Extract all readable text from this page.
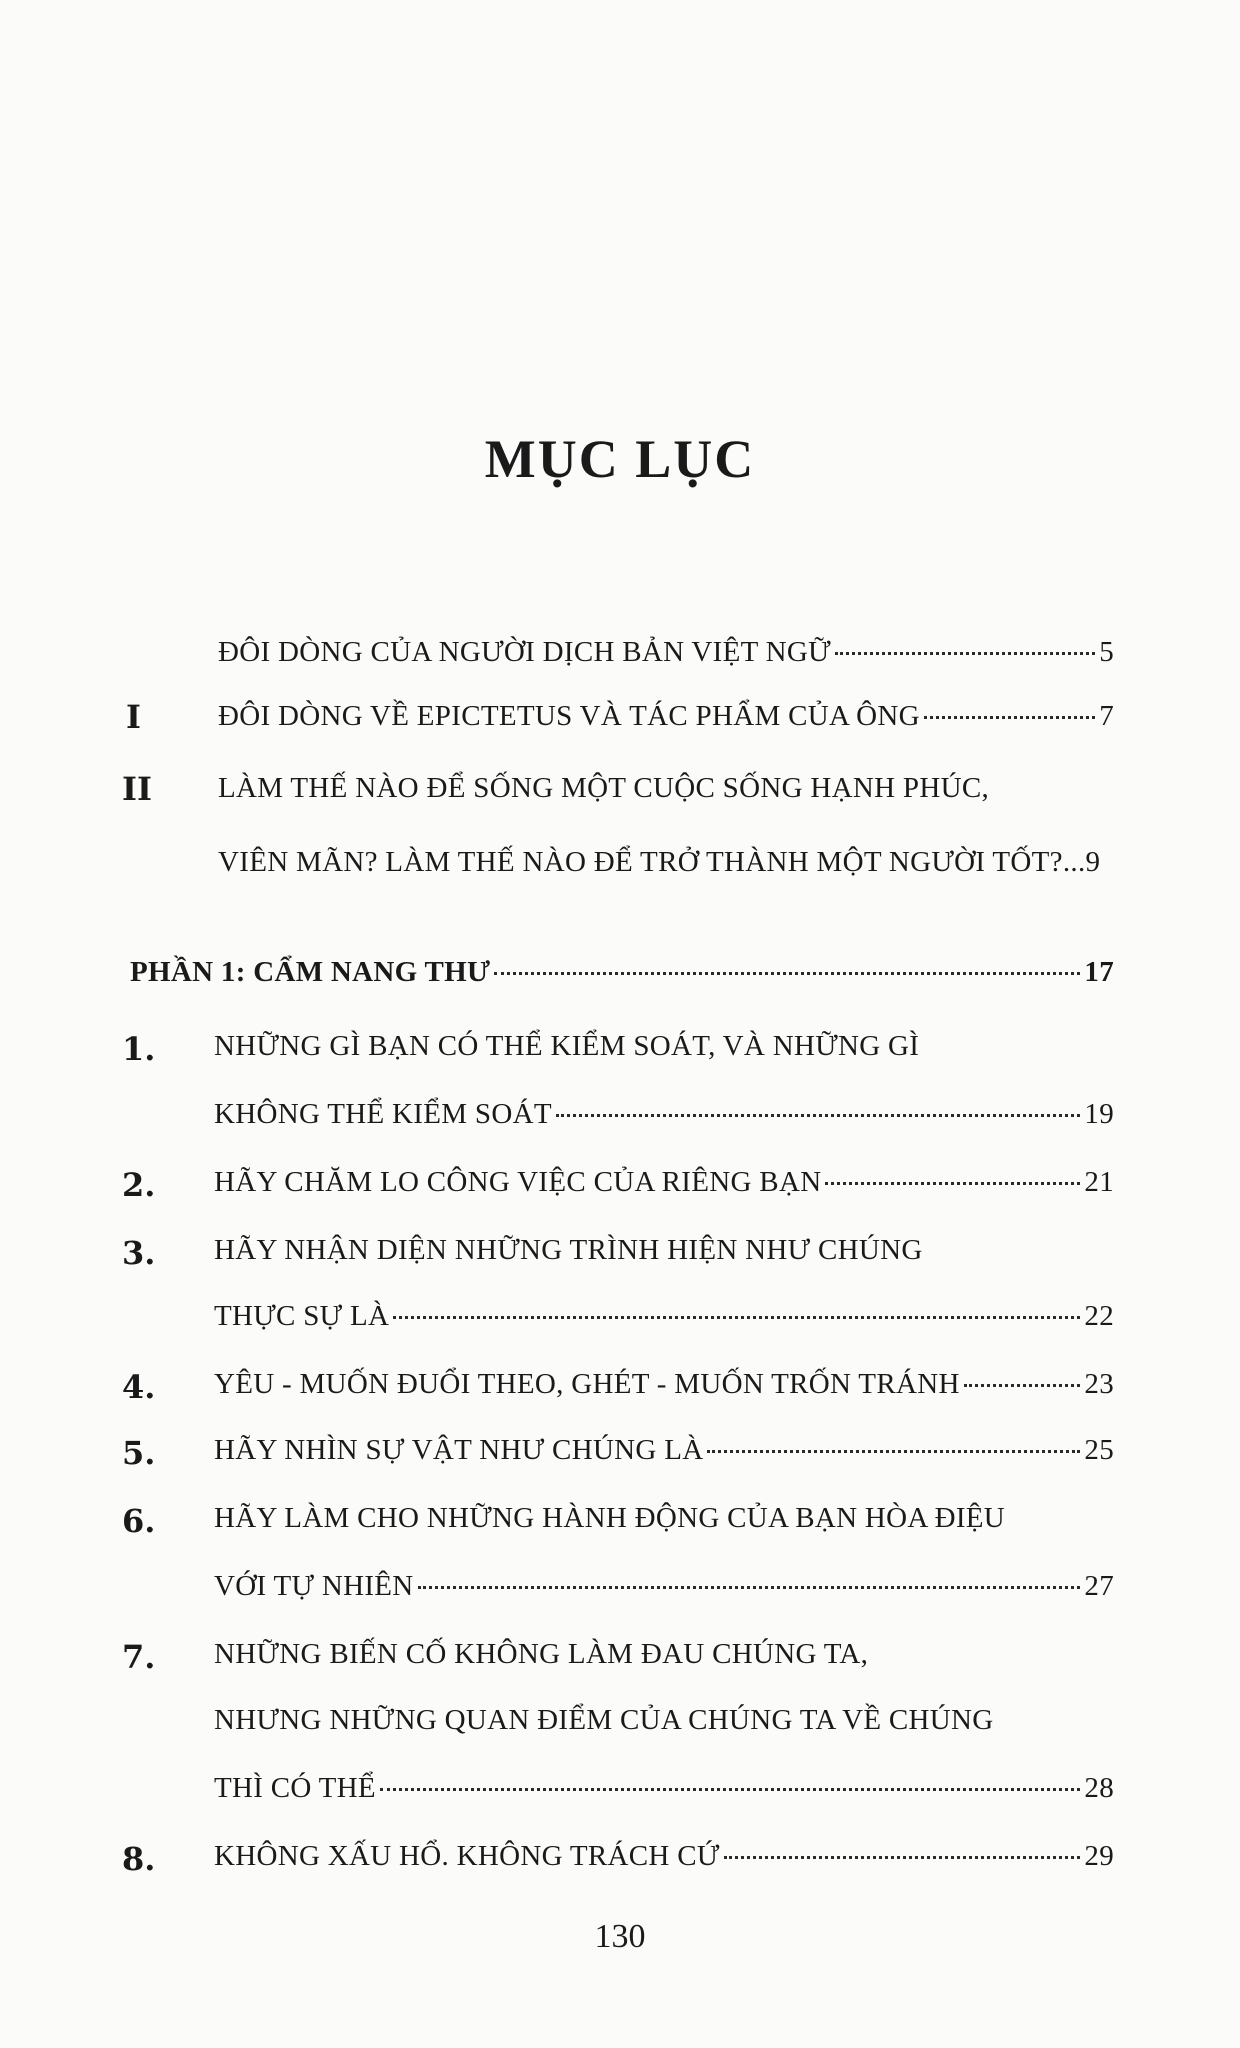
MỤC LỤC
ĐÔI DÒNG CỦA NGƯỜI DỊCH BẢN VIỆT NGỮ	5
I	ĐÔI DÒNG VỀ EPICTETUS VÀ TÁC PHẨM CỦA ÔNG	7
II LÀM THẾ NÀO ĐỂ SỐNG MỘT CUỘC SỐNG HẠNH PHÚC,
VIÊN MÃN? LÀM THẾ NÀO ĐỂ TRỞ THÀNH MỘT NGƯỜI TỐT?... 9
PHẦN 1: CẨM NANG THƯ	17
1. NHỮNG GÌ BẠN CÓ THỂ KIỂM SOÁT, VÀ NHỮNG GÌ
KHÔNG THỂ KIỂM SOÁT	19
2. HÃY CHĂM LO CÔNG VIỆC CỦA RIÊNG BẠN	21
3. HÃY NHẬN DIỆN NHỮNG TRÌNH HIỆN NHƯ CHÚNG
THỰC SỰ LÀ	22
4. YÊU - MUỐN ĐUỔI THEO, GHÉT - MUỐN TRỐN TRÁNH	23
5. HÃY NHÌN SỰ VẬT NHƯ CHÚNG LÀ	25
6. HÃY LÀM CHO NHỮNG HÀNH ĐỘNG CỦA BẠN HÒA ĐIỆU
VỚI TỰ NHIÊN	27
7. NHỮNG BIẾN CỐ KHÔNG LÀM ĐAU CHÚNG TA,
NHƯNG NHỮNG QUAN ĐIỂM CỦA CHÚNG TA VỀ CHÚNG
THÌ CÓ THỂ	28
8. KHÔNG XẤU HỔ. KHÔNG TRÁCH CỨ	29
130
